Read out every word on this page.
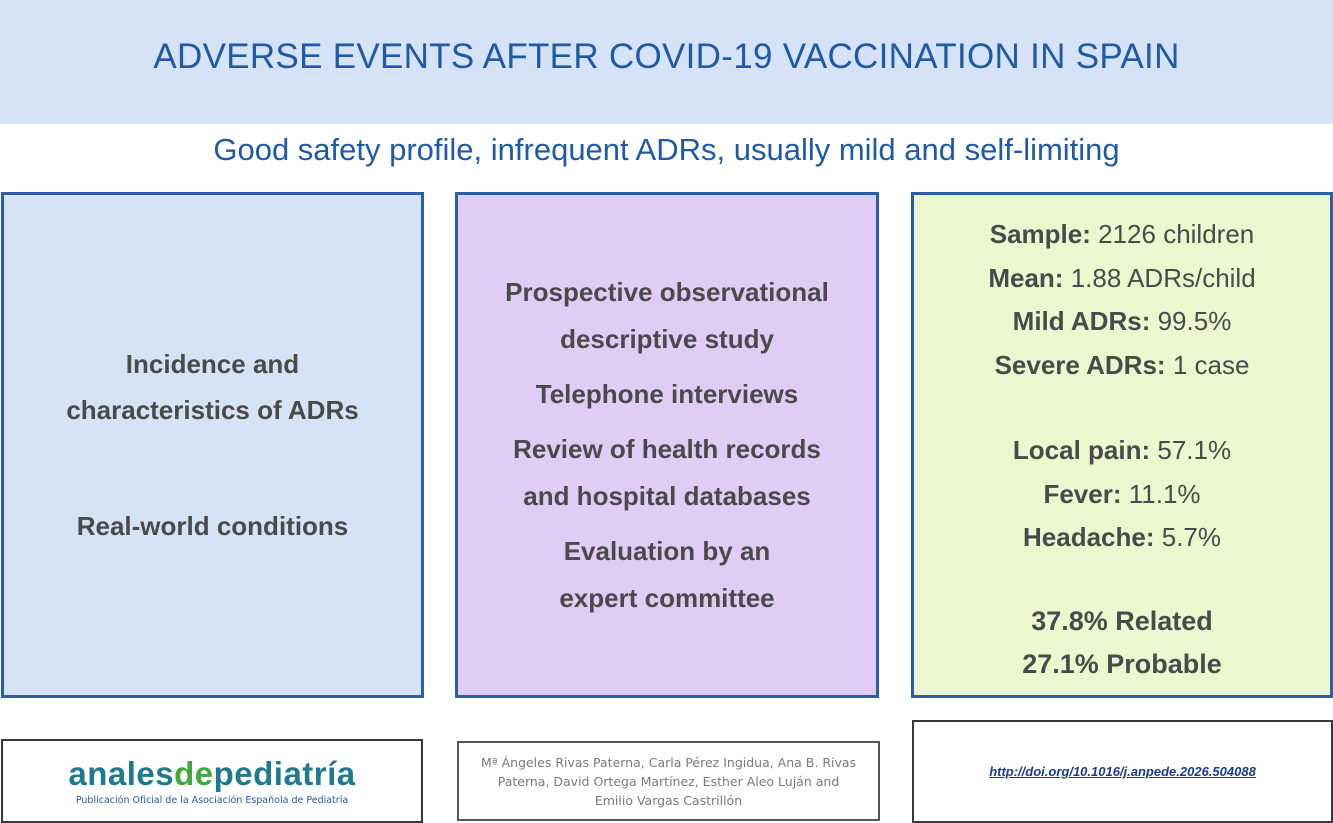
ADVERSE EVENTS AFTER COVID-19 VACCINATION IN SPAIN
Good safety profile, infrequent ADRs, usually mild and self-limiting
Incidence and characteristics of ADRs
Real-world conditions
Prospective observational descriptive study
Telephone interviews
Review of health records and hospital databases
Evaluation by an expert committee
Sample: 2126 children
Mean: 1.88 ADRs/child
Mild ADRs: 99.5%
Severe ADRs: 1 case
Local pain: 57.1%
Fever: 11.1%
Headache: 5.7%
37.8% Related
27.1% Probable
analesdepediatría
Publicación Oficial de la Asociación Española de Pediatría
Mª Ángeles Rivas Paterna, Carla Pérez Ingidua, Ana B. Rivas Paterna, David Ortega Martínez, Esther Aleo Luján and Emilio Vargas Castrillón
http://doi.org/10.1016/j.anpede.2026.504088
